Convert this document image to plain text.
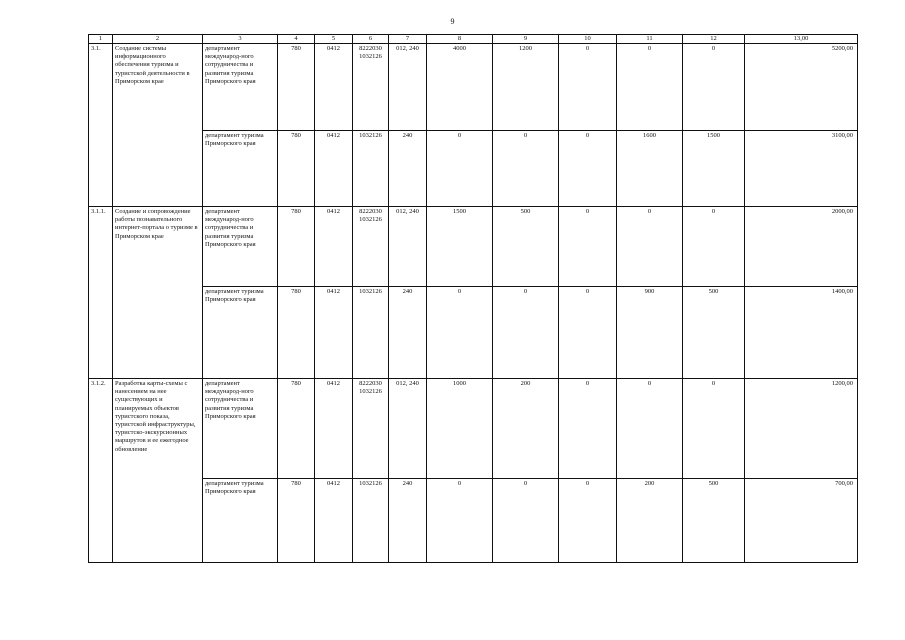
9
1	2	3	4	5	6	7	8	9	10	11	12	13,00
3.1.	Создание системы информационного обеспечения туризма и туристской деятельности в Приморском крае	департамент международ-ного сотрудничества и развития туризма Приморского края	780	0412	8222030 1032126	012, 240	4000	1200	0	0	0	5200,00
		департамент туризма Приморского края	780	0412	1032126	240	0	0	0	1600	1500	3100,00
3.1.1.	Создание и сопровождение работы познавательного интернет-портала о туризме в Приморском крае	департамент международ-ного сотрудничества и развития туризма Приморского края	780	0412	8222030 1032126	012, 240	1500	500	0	0	0	2000,00
		департамент туризма Приморского края	780	0412	1032126	240	0	0	0	900	500	1400,00
3.1.2.	Разработка карты-схемы с нанесением на нее существующих и планируемых объектов туристского показа, туристской инфраструктуры, туристско-экскурсионных маршрутов и ее ежегодное обновление	департамент международ-ного сотрудничества и развития туризма Приморского края	780	0412	8222030 1032126	012, 240	1000	200	0	0	0	1200,00
		департамент туризма Приморского края	780	0412	1032126	240	0	0	0	200	500	700,00
